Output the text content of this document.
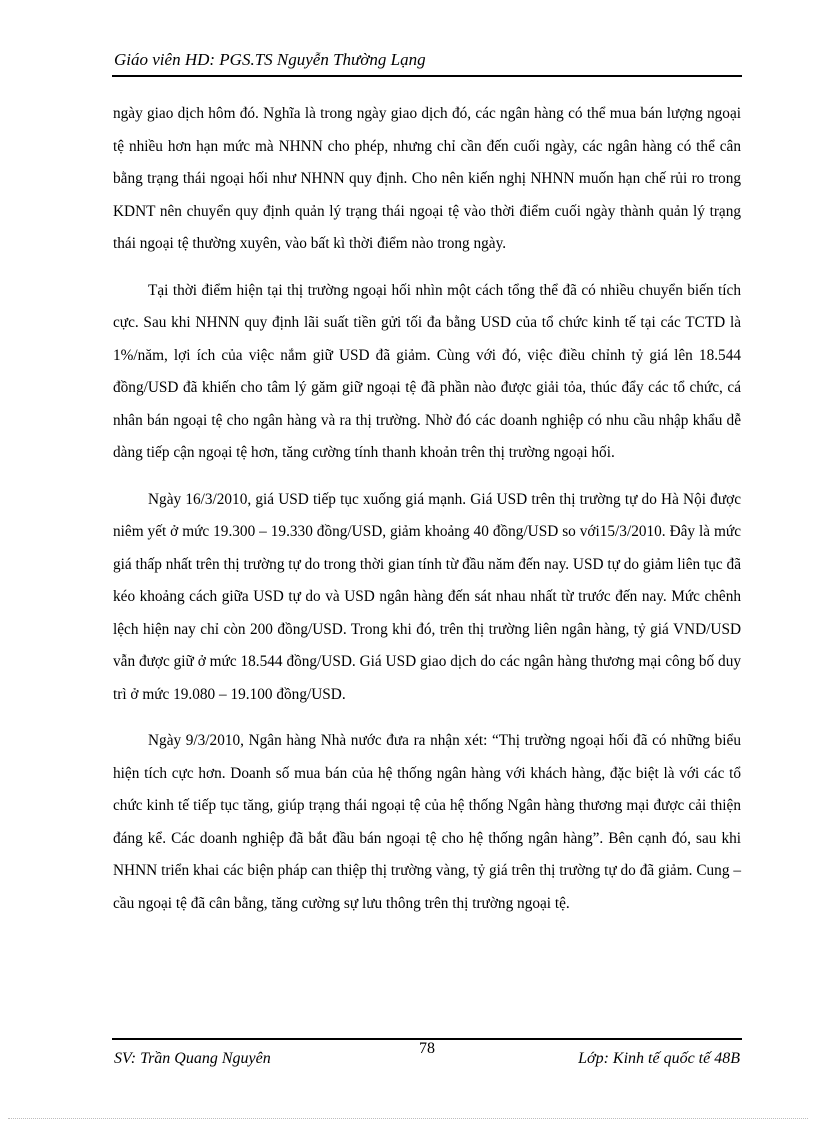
Giáo viên HD: PGS.TS Nguyễn Thường Lạng

ngày giao dịch hôm đó. Nghĩa là trong ngày giao dịch đó, các ngân hàng có thể mua bán lượng ngoại tệ nhiều hơn hạn mức mà NHNN cho phép, nhưng chỉ cần đến cuối ngày, các ngân hàng có thể cân bằng trạng thái ngoại hối như NHNN quy định. Cho nên kiến nghị NHNN muốn hạn chế rủi ro trong KDNT nên chuyển quy định quản lý trạng thái ngoại tệ vào thời điểm cuối ngày thành quản lý trạng thái ngoại tệ thường xuyên, vào bất kì thời điểm nào trong ngày.

Tại thời điểm hiện tại thị trường ngoại hối nhìn một cách tổng thể đã có nhiều chuyển biến tích cực. Sau khi NHNN quy định lãi suất tiền gửi tối đa bằng USD của tổ chức kinh tế tại các TCTD là 1%/năm, lợi ích của việc nắm giữ USD đã giảm. Cùng với đó, việc điều chỉnh tỷ giá lên 18.544 đồng/USD đã khiến cho tâm lý găm giữ ngoại tệ đã phần nào được giải tỏa, thúc đẩy các tổ chức, cá nhân bán ngoại tệ cho ngân hàng và ra thị trường. Nhờ đó các doanh nghiệp có nhu cầu nhập khẩu dễ dàng tiếp cận ngoại tệ hơn, tăng cường tính thanh khoản trên thị trường ngoại hối.

Ngày 16/3/2010, giá USD tiếp tục xuống giá mạnh. Giá USD trên thị trường tự do Hà Nội được niêm yết ở mức 19.300 – 19.330 đồng/USD, giảm khoảng 40 đồng/USD so với15/3/2010. Đây là mức giá thấp nhất trên thị trường tự do trong thời gian tính từ đầu năm đến nay. USD tự do giảm liên tục đã kéo khoảng cách giữa USD tự do và USD ngân hàng đến sát nhau nhất từ trước đến nay. Mức chênh lệch hiện nay chỉ còn 200 đồng/USD. Trong khi đó, trên thị trường liên ngân hàng, tỷ giá VND/USD vẫn được giữ ở mức 18.544 đồng/USD. Giá USD giao dịch do các ngân hàng thương mại công bố duy trì ở mức 19.080 – 19.100 đồng/USD.

Ngày 9/3/2010, Ngân hàng Nhà nước đưa ra nhận xét: “Thị trường ngoại hối đã có những biểu hiện tích cực hơn. Doanh số mua bán của hệ thống ngân hàng với khách hàng, đặc biệt là với các tổ chức kinh tế tiếp tục tăng, giúp trạng thái ngoại tệ của hệ thống Ngân hàng thương mại được cải thiện đáng kể. Các doanh nghiệp đã bắt đầu bán ngoại tệ cho hệ thống ngân hàng”. Bên cạnh đó, sau khi NHNN triển khai các biện pháp can thiệp thị trường vàng, tỷ giá trên thị trường tự do đã giảm. Cung – cầu ngoại tệ đã cân bằng, tăng cường sự lưu thông trên thị trường ngoại tệ.

SV: Trần Quang Nguyên
78
Lớp: Kinh tế quốc tế 48B
